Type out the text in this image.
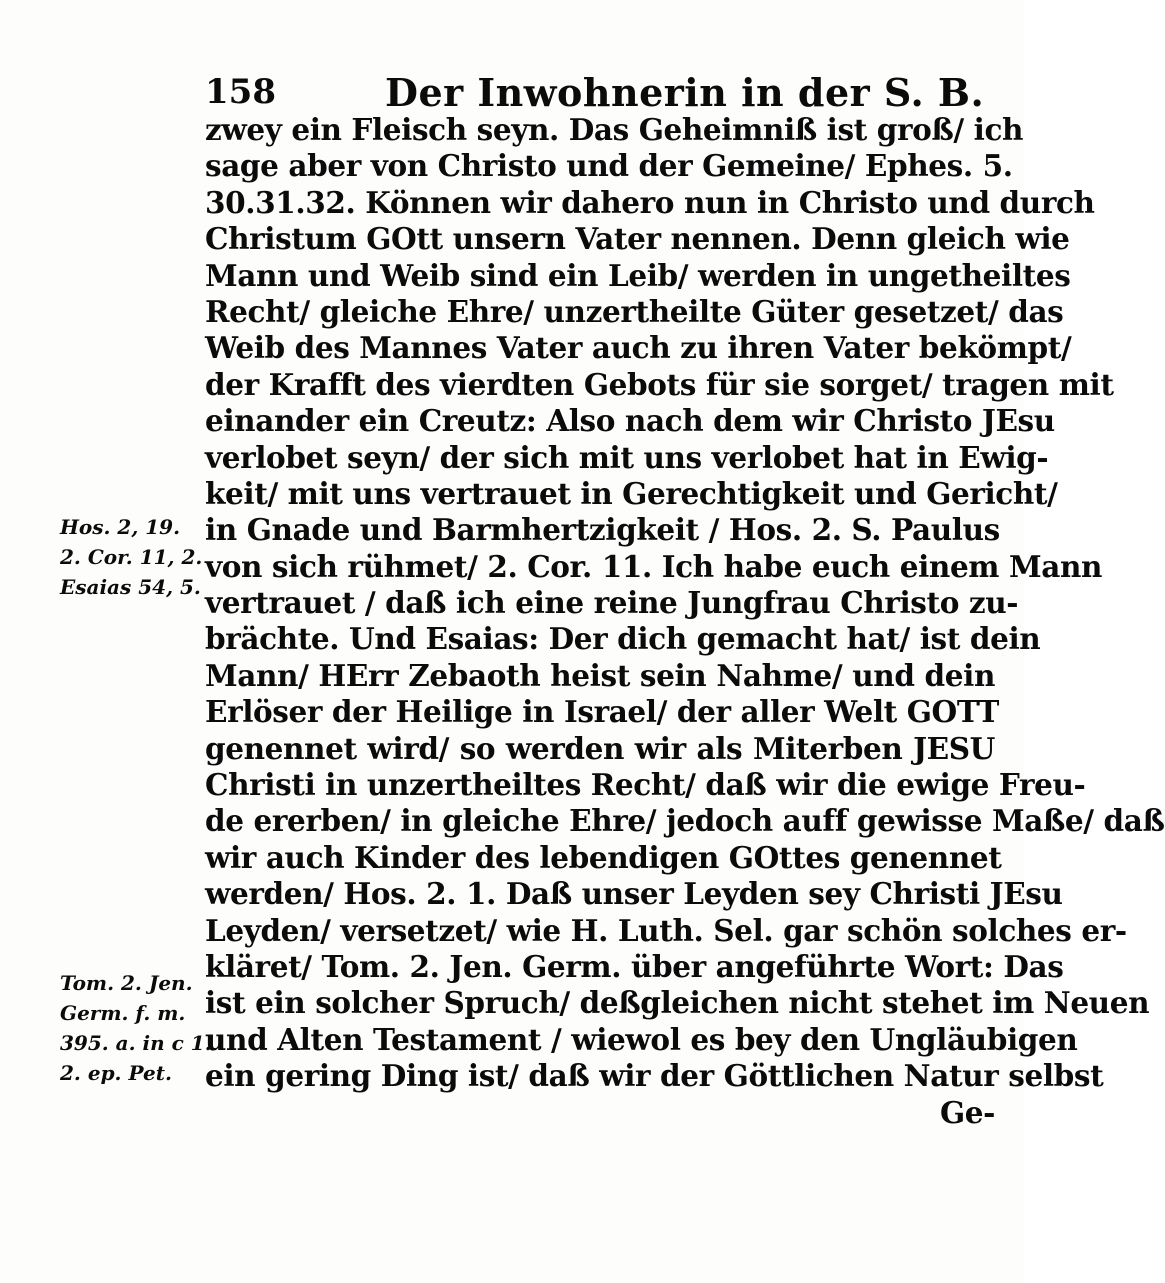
158	Der Inwohnerin in der S. B.
zwey ein Fleisch seyn. Das Geheimniß ist groß/ ich
sage aber von Christo und der Gemeine/ Ephes. 5.
30.31.32. Können wir dahero nun in Christo und durch
Christum GOtt unsern Vater nennen. Denn gleich wie
Mann und Weib sind ein Leib/ werden in ungetheiltes
Recht/ gleiche Ehre/ unzertheilte Güter gesetzet/ das
Weib des Mannes Vater auch zu ihren Vater bekömpt/
der Krafft des vierdten Gebots für sie sorget/ tragen mit
einander ein Creutz: Also nach dem wir Christo JEsu
verlobet seyn/ der sich mit uns verlobet hat in Ewig-
keit/ mit uns vertrauet in Gerechtigkeit und Gericht/
in Gnade und Barmhertzigkeit / Hos. 2. S. Paulus
von sich rühmet/ 2. Cor. 11. Ich habe euch einem Mann
vertrauet / daß ich eine reine Jungfrau Christo zu-
brächte. Und Esaias: Der dich gemacht hat/ ist dein
Mann/ HErr Zebaoth heist sein Nahme/ und dein
Erlöser der Heilige in Israel/ der aller Welt GOTT
genennet wird/ so werden wir als Miterben JESU
Christi in unzertheiltes Recht/ daß wir die ewige Freu-
de ererben/ in gleiche Ehre/ jedoch auff gewisse Maße/ daß
wir auch Kinder des lebendigen GOttes genennet
werden/ Hos. 2. 1. Daß unser Leyden sey Christi JEsu
Leyden/ versetzet/ wie H. Luth. Sel. gar schön solches er-
kläret/ Tom. 2. Jen. Germ. über angeführte Wort: Das
ist ein solcher Spruch/ deßgleichen nicht stehet im Neuen
und Alten Testament / wiewol es bey den Ungläubigen
ein gering Ding ist/ daß wir der Göttlichen Natur selbst
Ge-
Hos. 2, 19.
2. Cor. 11, 2.
Esaias 54, 5.
Tom. 2. Jen.
Germ. f. m.
395. a. in c 1.
2. ep. Pet.
